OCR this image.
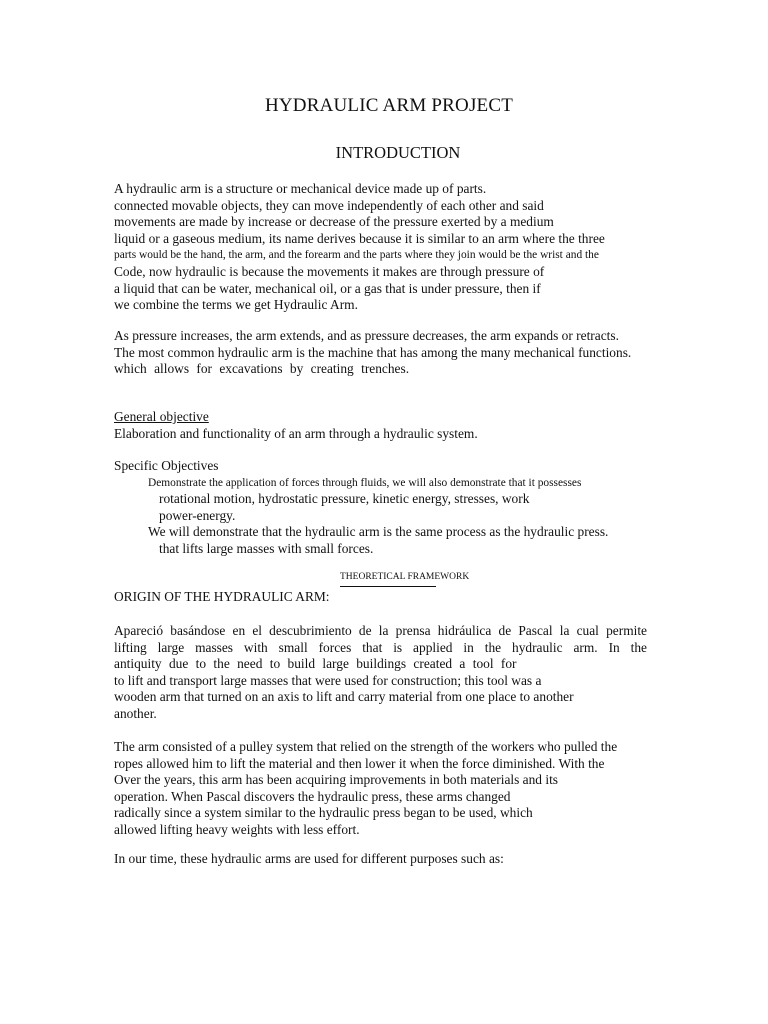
HYDRAULIC ARM PROJECT
INTRODUCTION
A hydraulic arm is a structure or mechanical device made up of parts.
connected movable objects, they can move independently of each other and said
movements are made by increase or decrease of the pressure exerted by a medium
liquid or a gaseous medium, its name derives because it is similar to an arm where the three
parts would be the hand, the arm, and the forearm and the parts where they join would be the wrist and the
Code, now hydraulic is because the movements it makes are through pressure of
a liquid that can be water, mechanical oil, or a gas that is under pressure, then if
we combine the terms we get Hydraulic Arm.
As pressure increases, the arm extends, and as pressure decreases, the arm expands or retracts.
The most common hydraulic arm is the machine that has among the many mechanical functions.
which allows for excavations by creating trenches.
General objective
Elaboration and functionality of an arm through a hydraulic system.
Specific Objectives
Demonstrate the application of forces through fluids, we will also demonstrate that it possesses
rotational motion, hydrostatic pressure, kinetic energy, stresses, work
power-energy.
We will demonstrate that the hydraulic arm is the same process as the hydraulic press.
that lifts large masses with small forces.
THEORETICAL FRAMEWORK
ORIGIN OF THE HYDRAULIC ARM:
Apareció basándose en el descubrimiento de la prensa hidráulica de Pascal la cual permite
lifting large masses with small forces that is applied in the hydraulic arm. In the
antiquity due to the need to build large buildings created a tool for
to lift and transport large masses that were used for construction; this tool was a
wooden arm that turned on an axis to lift and carry material from one place to another
another.
The arm consisted of a pulley system that relied on the strength of the workers who pulled the
ropes allowed him to lift the material and then lower it when the force diminished. With the
Over the years, this arm has been acquiring improvements in both materials and its
operation. When Pascal discovers the hydraulic press, these arms changed
radically since a system similar to the hydraulic press began to be used, which
allowed lifting heavy weights with less effort.
In our time, these hydraulic arms are used for different purposes such as:
